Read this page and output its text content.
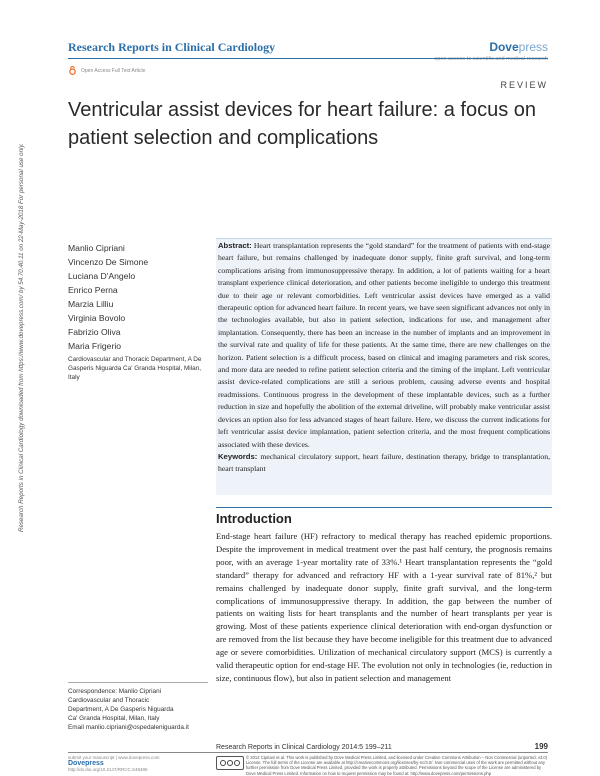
Research Reports in Clinical Cardiology	Dovepress
open access to scientific and medical research
Open Access Full Text Article
REVIEW
Ventricular assist devices for heart failure: a focus on patient selection and complications
Research Reports in Clinical Cardiology downloaded from https://www.dovepress.com/ by 54.70.40.11 on 22-May-2018 For personal use only.	Manlio Cipriani
Vincenzo De Simone
Luciana D'Angelo
Enrico Perna
Marzia Lilliu
Virginia Bovolo
Fabrizio Oliva
Maria Frigerio
Cardiovascular and Thoracic Department, A De Gasperis Niguarda Ca' Granda Hospital, Milan, Italy
Abstract: Heart transplantation represents the “gold standard” for the treatment of patients with end-stage heart failure, but remains challenged by inadequate donor supply, finite graft survival, and long-term complications arising from immunosuppressive therapy. In addition, a lot of patients waiting for a heart transplant experience clinical deterioration, and other patients become ineligible to undergo this treatment due to their age or relevant comorbidities. Left ventricular assist devices have emerged as a valid therapeutic option for advanced heart failure. In recent years, we have seen significant advances not only in the technologies available, but also in patient selection, indications for use, and management after implantation. Consequently, there has been an increase in the number of implants and an improvement in the survival rate and quality of life for these patients. At the same time, there are new challenges on the horizon. Patient selection is a difficult process, based on clinical and imaging parameters and risk scores, and more data are needed to refine patient selection criteria and the timing of the implant. Left ventricular assist device-related complications are still a serious problem, causing adverse events and hospital readmissions. Continuous progress in the development of these implantable devices, such as a further reduction in size and hopefully the abolition of the external driveline, will probably make ventricular assist devices an option also for less advanced stages of heart failure. Here, we discuss the current indications for left ventricular assist device implantation, patient selection criteria, and the most frequent complications associated with these devices.
Keywords: mechanical circulatory support, heart failure, destination therapy, bridge to transplantation, heart transplant
Introduction
End-stage heart failure (HF) refractory to medical therapy has reached epidemic proportions. Despite the improvement in medical treatment over the past half century, the prognosis remains poor, with an average 1-year mortality rate of 33%.¹ Heart transplantation represents the “gold standard” therapy for advanced and refractory HF with a 1-year survival rate of 81%,² but remains challenged by inadequate donor supply, finite graft survival, and the long-term complications of immunosuppressive therapy. In addition, the gap between the number of patients on waiting lists for heart transplants and the number of heart transplants per year is growing. Most of these patients experience clinical deterioration with end-organ dysfunction or are removed from the list because they have become ineligible for this treatment due to advanced age or severe comorbidities. Utilization of mechanical circulatory support (MCS) is currently a valid therapeutic option for end-stage HF. The evolution not only in technologies (ie, reduction in size, continuous flow), but also in patient selection and management
Correspondence: Manlio Cipriani
Cardiovascular and Thoracic
Department, A De Gasperis Niguarda
Ca' Granda Hospital, Milan, Italy
Email manlio.cipriani@ospedaleniguarda.it
Research Reports in Clinical Cardiology 2014:5 199–211	199
submit your manuscript | www.dovepress.com
Dovepress
http://dx.doi.org/10.2147/RRCC.S48486
© 2014 Cipriani et al. This work is published by Dove Medical Press Limited, and licensed under Creative Commons Attribution – Non Commercial (unported, v3.0) License. The full terms of the License are available at http://creativecommons.org/licenses/by-nc/3.0/. Non-commercial uses of the work are permitted without any further permission from Dove Medical Press Limited, provided the work is properly attributed. Permissions beyond the scope of the License are administered by Dove Medical Press Limited. Information on how to request permission may be found at: http://www.dovepress.com/permissions.php
